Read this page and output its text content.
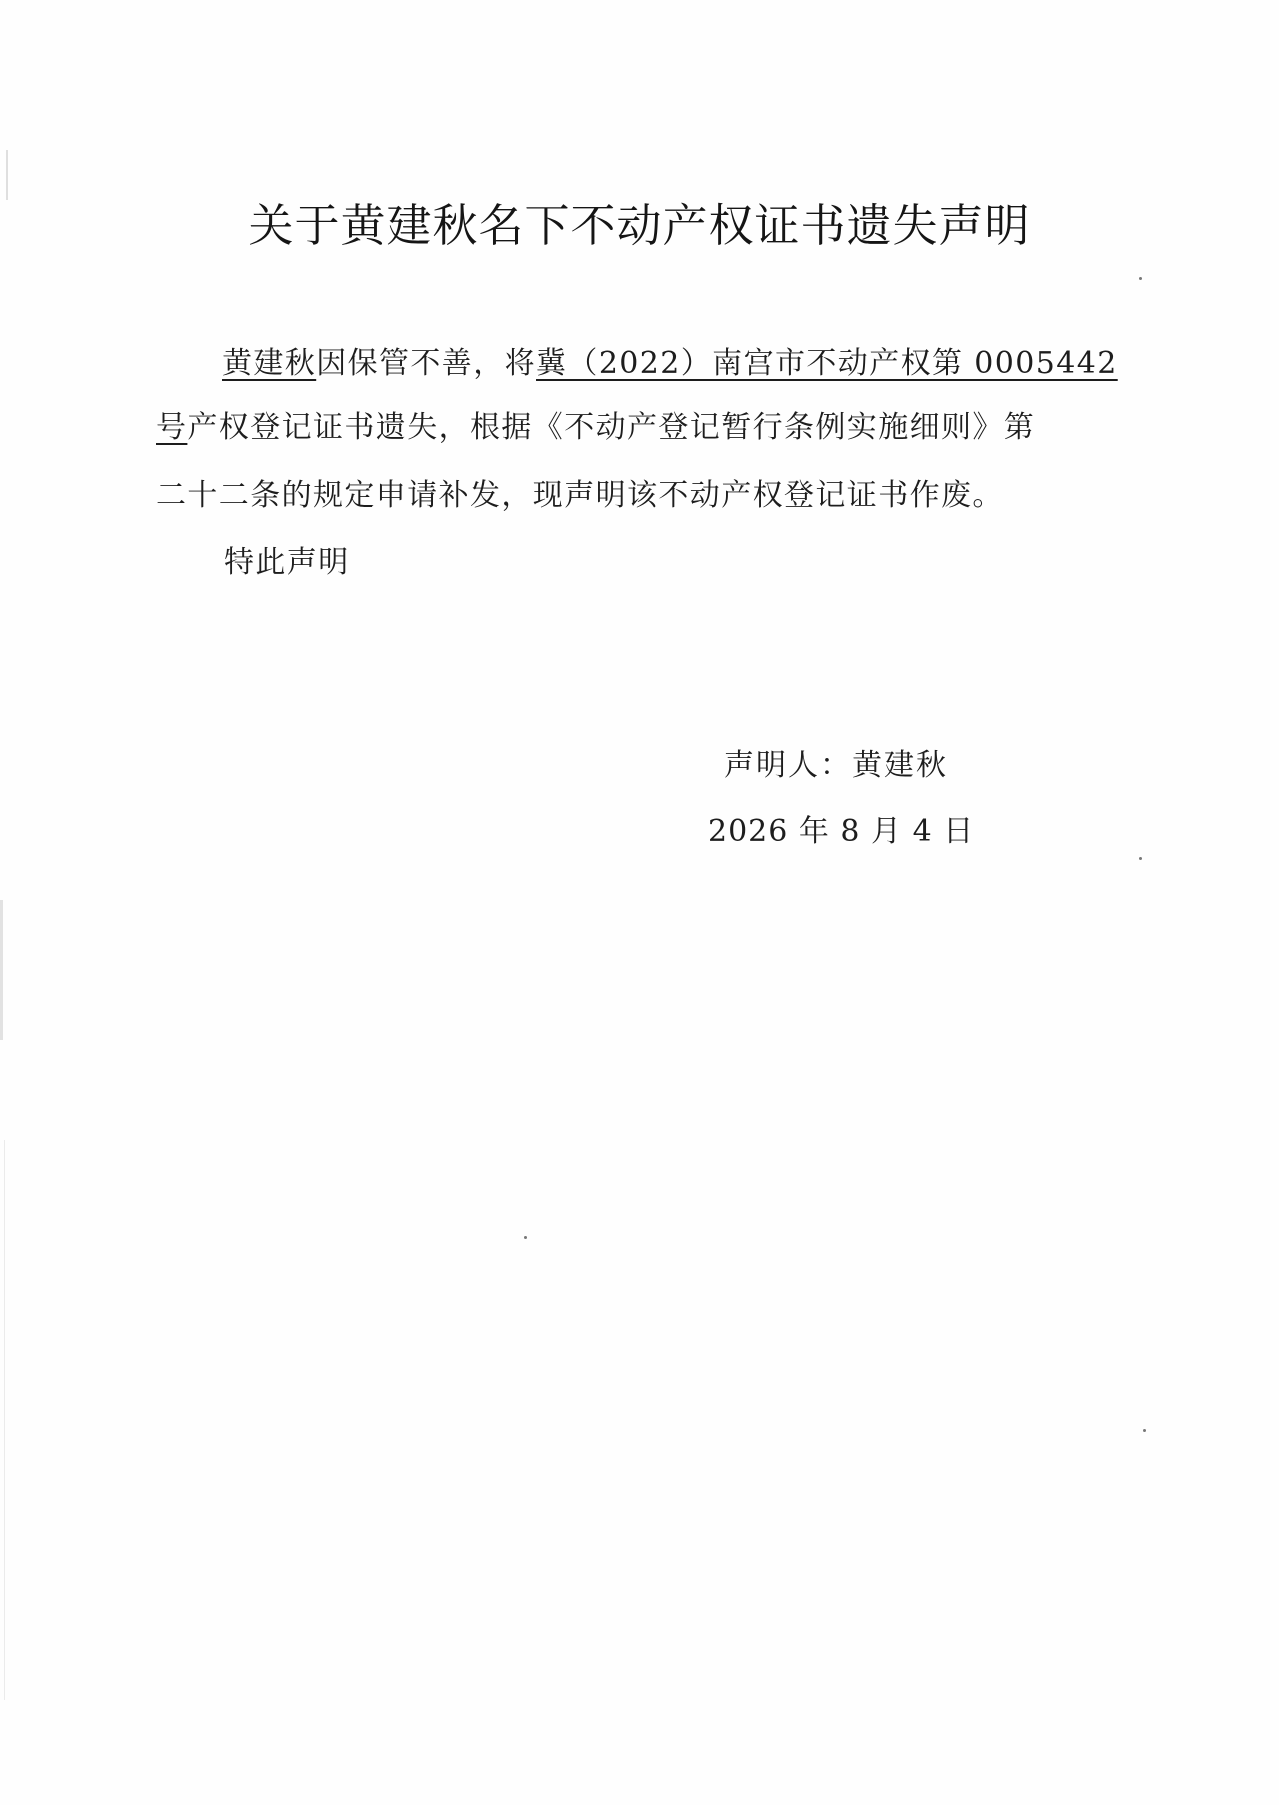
关于黄建秋名下不动产权证书遗失声明
黄建秋因保管不善，将冀（2022）南宫市不动产权第 0005442
号产权登记证书遗失，根据《不动产登记暂行条例实施细则》第
二十二条的规定申请补发，现声明该不动产权登记证书作废。
特此声明
声明人：黄建秋
2026 年 8 月 4 日
